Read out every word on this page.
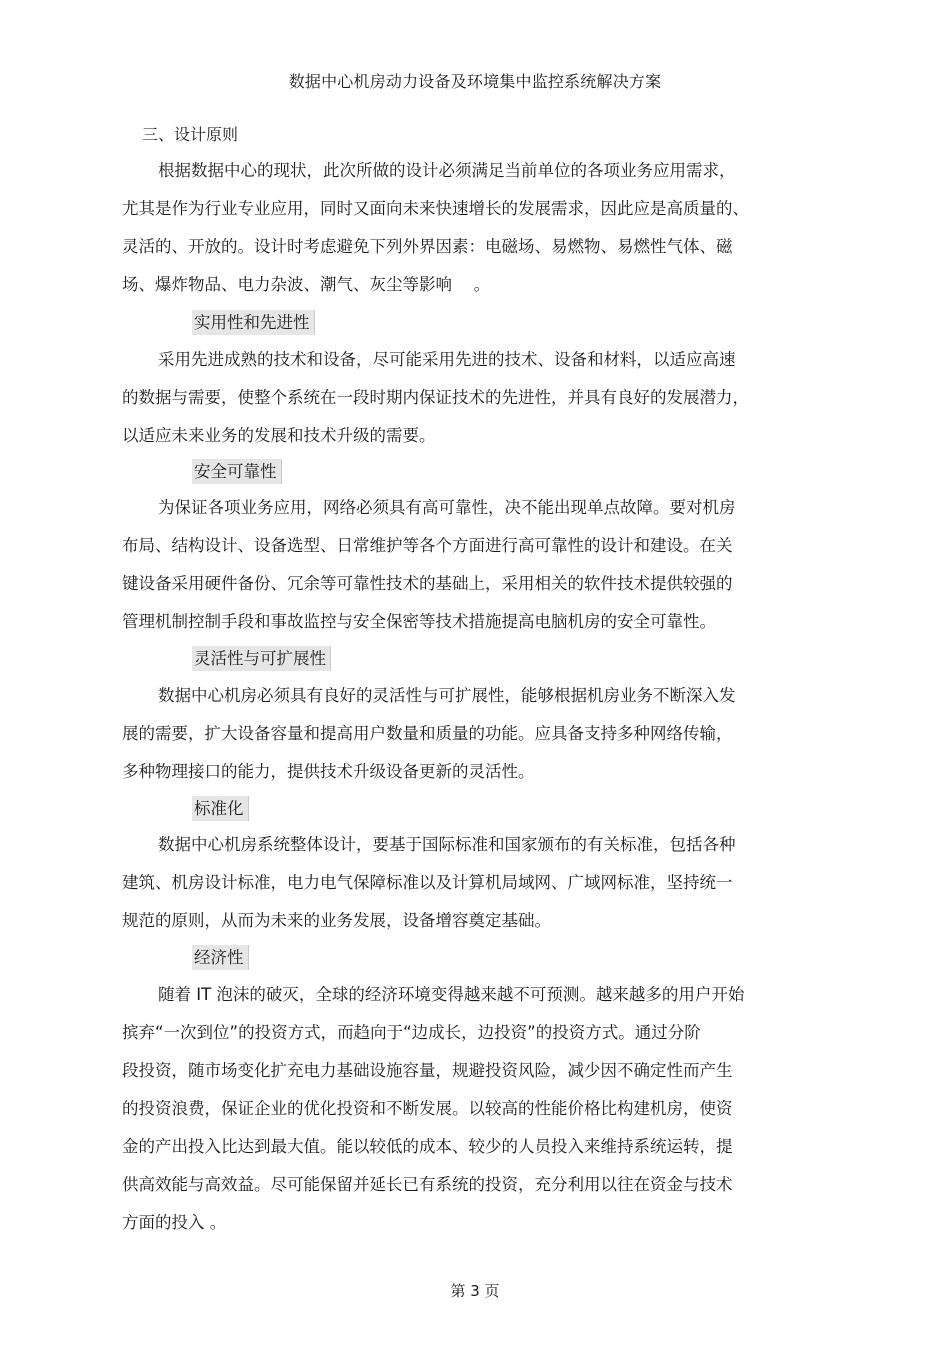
数据中心机房动力设备及环境集中监控系统解决方案
三、设计原则
根据数据中心的现状，此次所做的设计必须满足当前单位的各项业务应用需求，
尤其是作为行业专业应用，同时又面向未来快速增长的发展需求，因此应是高质量的、
灵活的、开放的。设计时考虑避免下列外界因素：电磁场、易燃物、易燃性气体、磁
场、爆炸物品、电力杂波、潮气、灰尘等影响　 。
实用性和先进性
采用先进成熟的技术和设备，尽可能采用先进的技术、设备和材料，以适应高速
的数据与需要，使整个系统在一段时期内保证技术的先进性，并具有良好的发展潜力，
以适应未来业务的发展和技术升级的需要。
安全可靠性
为保证各项业务应用，网络必须具有高可靠性，决不能出现单点故障。要对机房
布局、结构设计、设备选型、日常维护等各个方面进行高可靠性的设计和建设。在关
键设备采用硬件备份、冗余等可靠性技术的基础上，采用相关的软件技术提供较强的
管理机制控制手段和事故监控与安全保密等技术措施提高电脑机房的安全可靠性。
灵活性与可扩展性
数据中心机房必须具有良好的灵活性与可扩展性，能够根据机房业务不断深入发
展的需要，扩大设备容量和提高用户数量和质量的功能。应具备支持多种网络传输，
多种物理接口的能力，提供技术升级设备更新的灵活性。
标准化
数据中心机房系统整体设计，要基于国际标准和国家颁布的有关标准，包括各种
建筑、机房设计标准，电力电气保障标准以及计算机局域网、广域网标准，坚持统一
规范的原则，从而为未来的业务发展，设备增容奠定基础。
经济性
随着 IT 泡沫的破灭，全球的经济环境变得越来越不可预测。越来越多的用户开始
摈弃“一次到位”的投资方式，而趋向于“边成长，边投资”的投资方式。通过分阶
段投资，随市场变化扩充电力基础设施容量，规避投资风险，减少因不确定性而产生
的投资浪费，保证企业的优化投资和不断发展。以较高的性能价格比构建机房，使资
金的产出投入比达到最大值。能以较低的成本、较少的人员投入来维持系统运转，提
供高效能与高效益。尽可能保留并延长已有系统的投资，充分利用以往在资金与技术
方面的投入 。
第 3 页
